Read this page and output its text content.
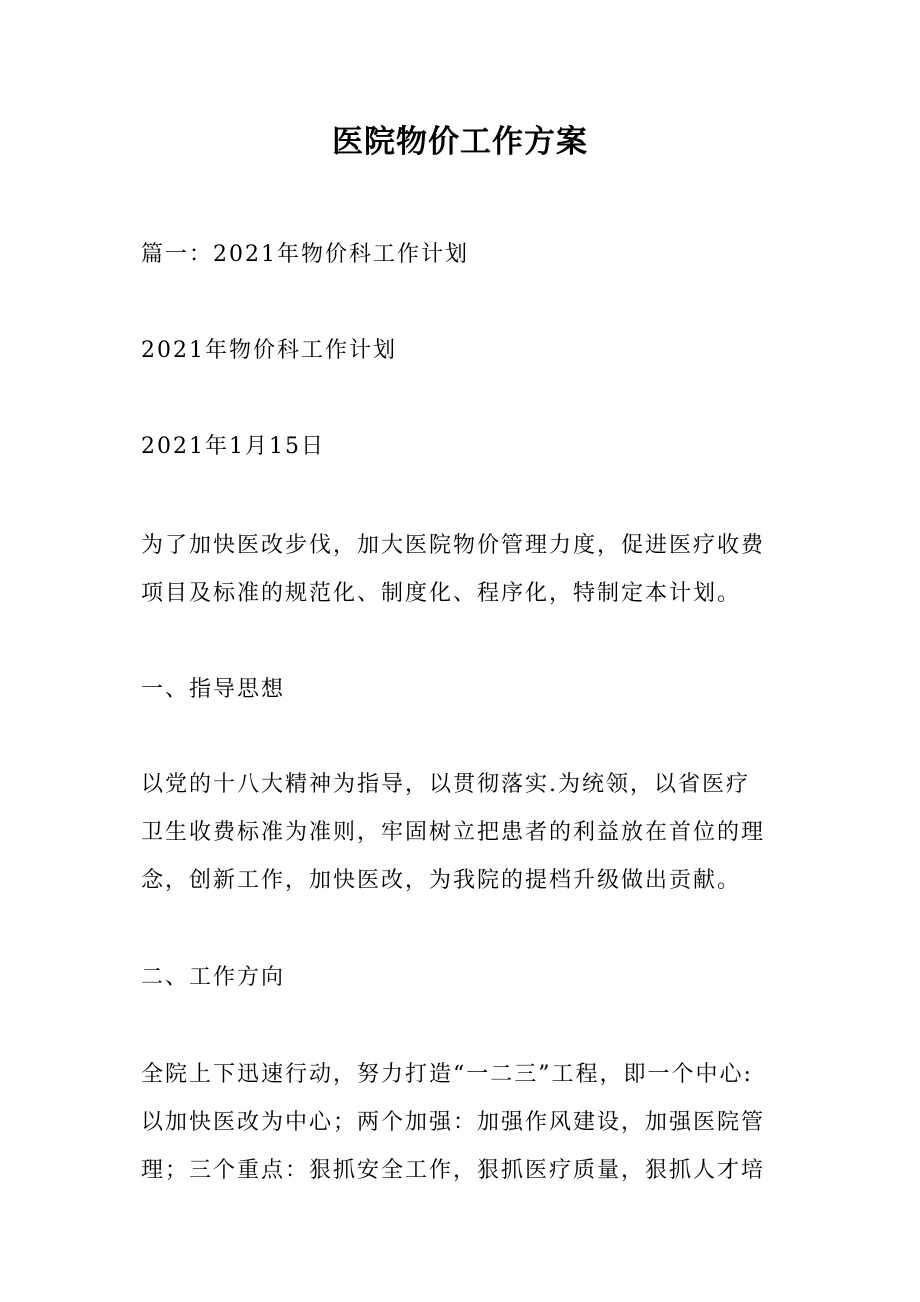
医院物价工作方案
篇一：2021年物价科工作计划
2021年物价科工作计划
2021年1月15日
为了加快医改步伐，加大医院物价管理力度，促进医疗收费
项目及标准的规范化、制度化、程序化，特制定本计划。
一、指导思想
以党的十八大精神为指导，以贯彻落实.为统领，以省医疗
卫生收费标准为准则，牢固树立把患者的利益放在首位的理
念，创新工作，加快医改，为我院的提档升级做出贡献。
二、工作方向
全院上下迅速行动，努力打造“一二三”工程，即一个中心:
以加快医改为中心；两个加强：加强作风建设，加强医院管
理；三个重点：狠抓安全工作，狠抓医疗质量，狠抓人才培
